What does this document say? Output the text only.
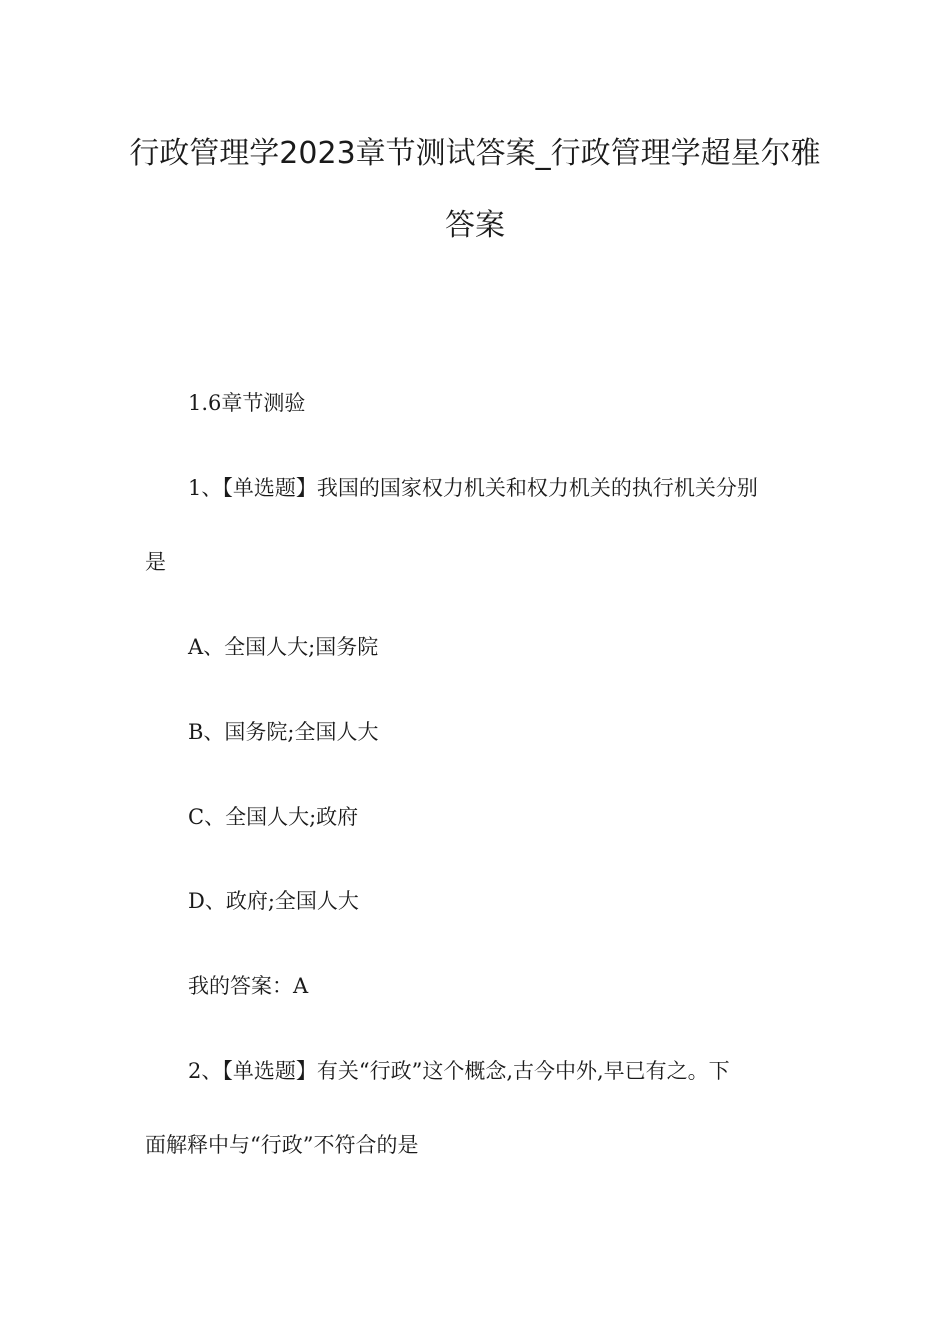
行政管理学2023章节测试答案_行政管理学超星尔雅
答案
1.6章节测验
1、【单选题】我国的国家权力机关和权力机关的执行机关分别
是
A、全国人大;国务院
B、国务院;全国人大
C、全国人大;政府
D、政府;全国人大
我的答案：A
2、【单选题】有关“行政”这个概念,古今中外,早已有之。下
面解释中与“行政”不符合的是
